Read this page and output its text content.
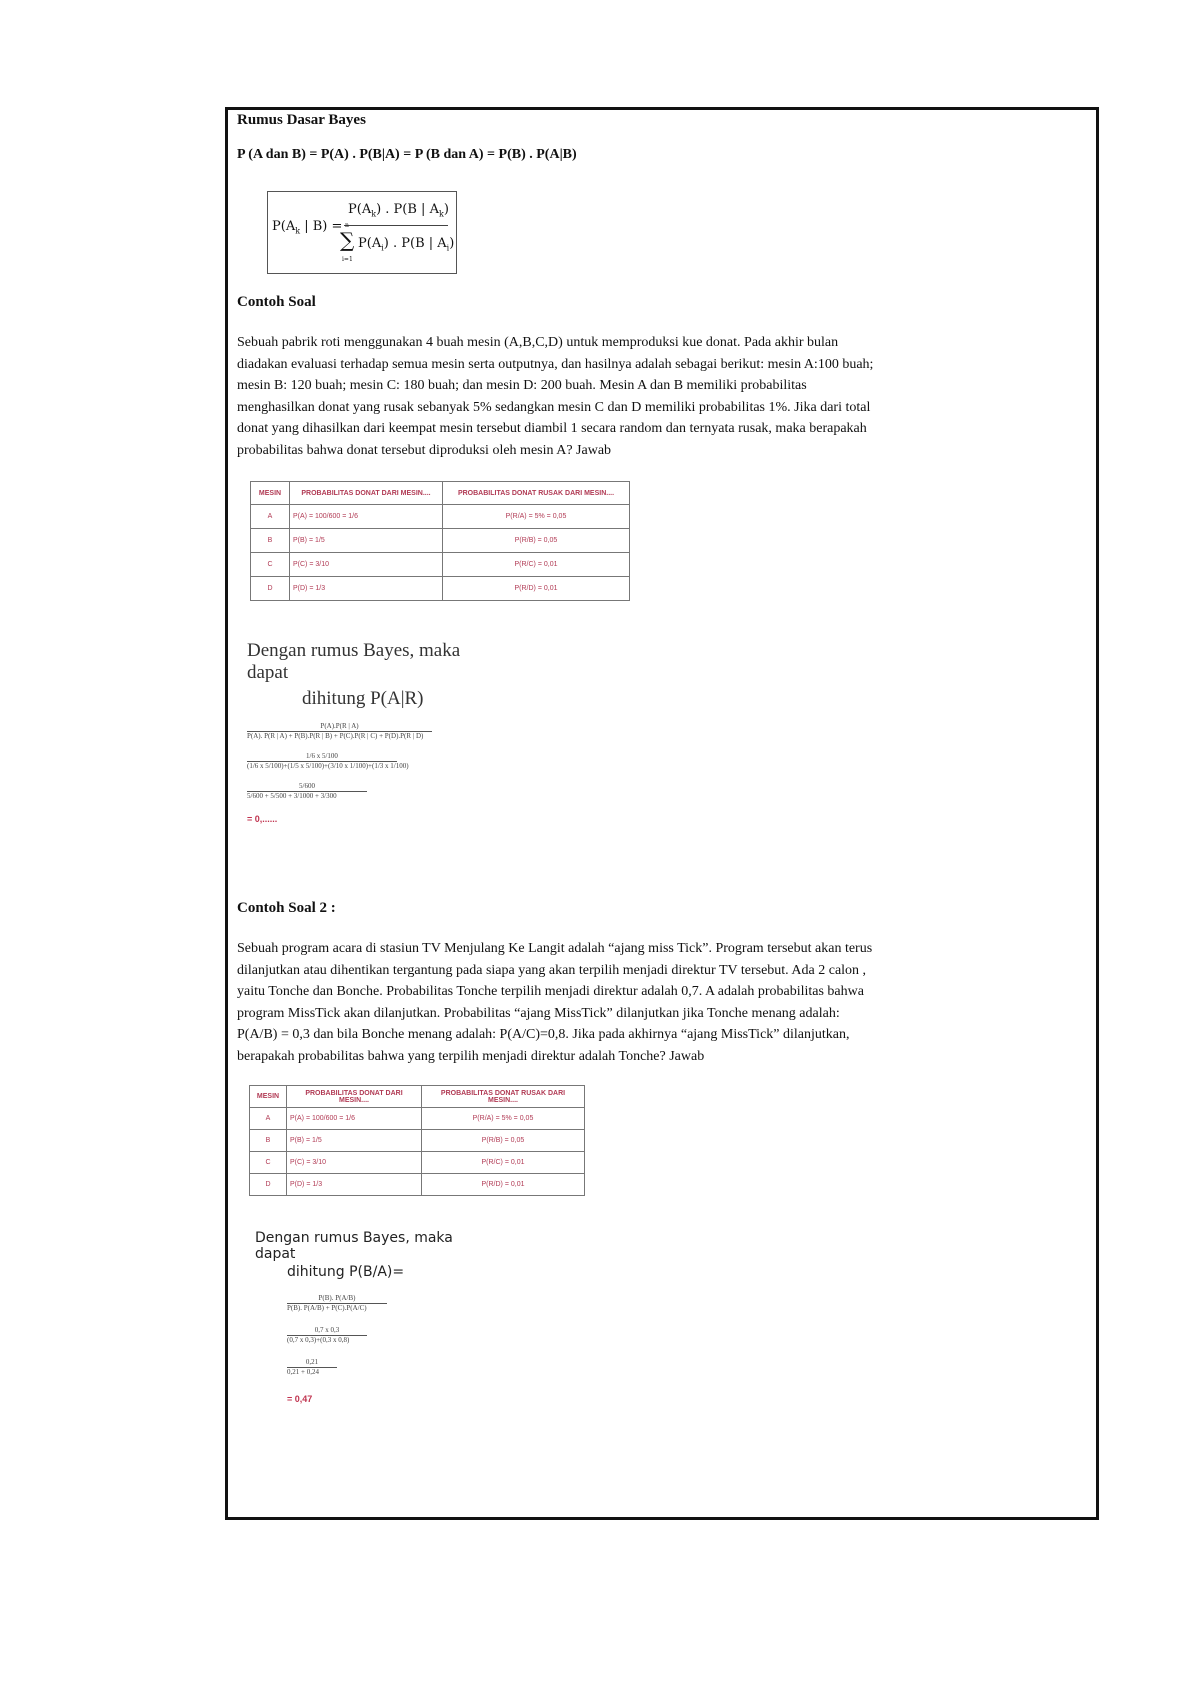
Rumus Dasar Bayes
P (A dan B) = P(A) . P(B|A) = P (B dan A) = P(B) . P(A|B)
$P(A_k$ | B) =
$P(A_k)$ . P(B | $A_k$)
n
∑
i=1
$P(A_i)$ . P(B | $A_i$)
Contoh Soal
Sebuah pabrik roti menggunakan 4 buah mesin (A,B,C,D) untuk memproduksi kue donat. Pada akhir bulan
diadakan evaluasi terhadap semua mesin serta outputnya, dan hasilnya adalah sebagai berikut: mesin A:100 buah;
mesin B: 120 buah; mesin C: 180 buah; dan mesin D: 200 buah. Mesin A dan B memiliki probabilitas
menghasilkan donat yang rusak sebanyak 5% sedangkan mesin C dan D memiliki probabilitas 1%. Jika dari total
donat yang dihasilkan dari keempat mesin tersebut diambil 1 secara random dan ternyata rusak, maka berapakah
probabilitas bahwa donat tersebut diproduksi oleh mesin A? Jawab
MESIN	PROBABILITAS DONAT DARI MESIN....	PROBABILITAS DONAT RUSAK DARI MESIN....
A	P(A) = 100/600 = 1/6	P(R/A) = 5% = 0,05
B	P(B) = 1/5	P(R/B) = 0,05
C	P(C) = 3/10	P(R/C) = 0,01
D	P(D) = 1/3	P(R/D) = 0,01
Dengan rumus Bayes, maka dapat
dihitung P(A|R)
P(A).P(R | A)
P(A). P(R | A) + P(B).P(R | B) + P(C).P(R | C) + P(D).P(R | D)
1/6 x 5/100
(1/6 x 5/100)+(1/5 x 5/100)+(3/10 x 1/100)+(1/3 x 1/100)
5/600
5/600 + 5/500 + 3/1000 + 3/300
= 0,......
Contoh Soal 2 :
Sebuah program acara di stasiun TV Menjulang Ke Langit adalah “ajang miss Tick”. Program tersebut akan terus
dilanjutkan atau dihentikan tergantung pada siapa yang akan terpilih menjadi direktur TV tersebut. Ada 2 calon ,
yaitu Tonche dan Bonche. Probabilitas Tonche terpilih menjadi direktur adalah 0,7. A adalah probabilitas bahwa
program MissTick akan dilanjutkan. Probabilitas “ajang MissTick” dilanjutkan jika Tonche menang adalah:
P(A/B) = 0,3 dan bila Bonche menang adalah: P(A/C)=0,8. Jika pada akhirnya “ajang MissTick” dilanjutkan,
berapakah probabilitas bahwa yang terpilih menjadi direktur adalah Tonche? Jawab
MESIN	PROBABILITAS DONAT DARI MESIN....	PROBABILITAS DONAT RUSAK DARI MESIN....
A	P(A) = 100/600 = 1/6	P(R/A) = 5% = 0,05
B	P(B) = 1/5	P(R/B) = 0,05
C	P(C) = 3/10	P(R/C) = 0,01
D	P(D) = 1/3	P(R/D) = 0,01
Dengan rumus Bayes, maka dapat
dihitung P(B/A)=
P(B). P(A/B)
P(B). P(A/B) + P(C).P(A/C)
0,7 x 0,3
(0,7 x 0,3)+(0,3 x 0,8)
0,21
0,21 + 0,24
= 0,47
